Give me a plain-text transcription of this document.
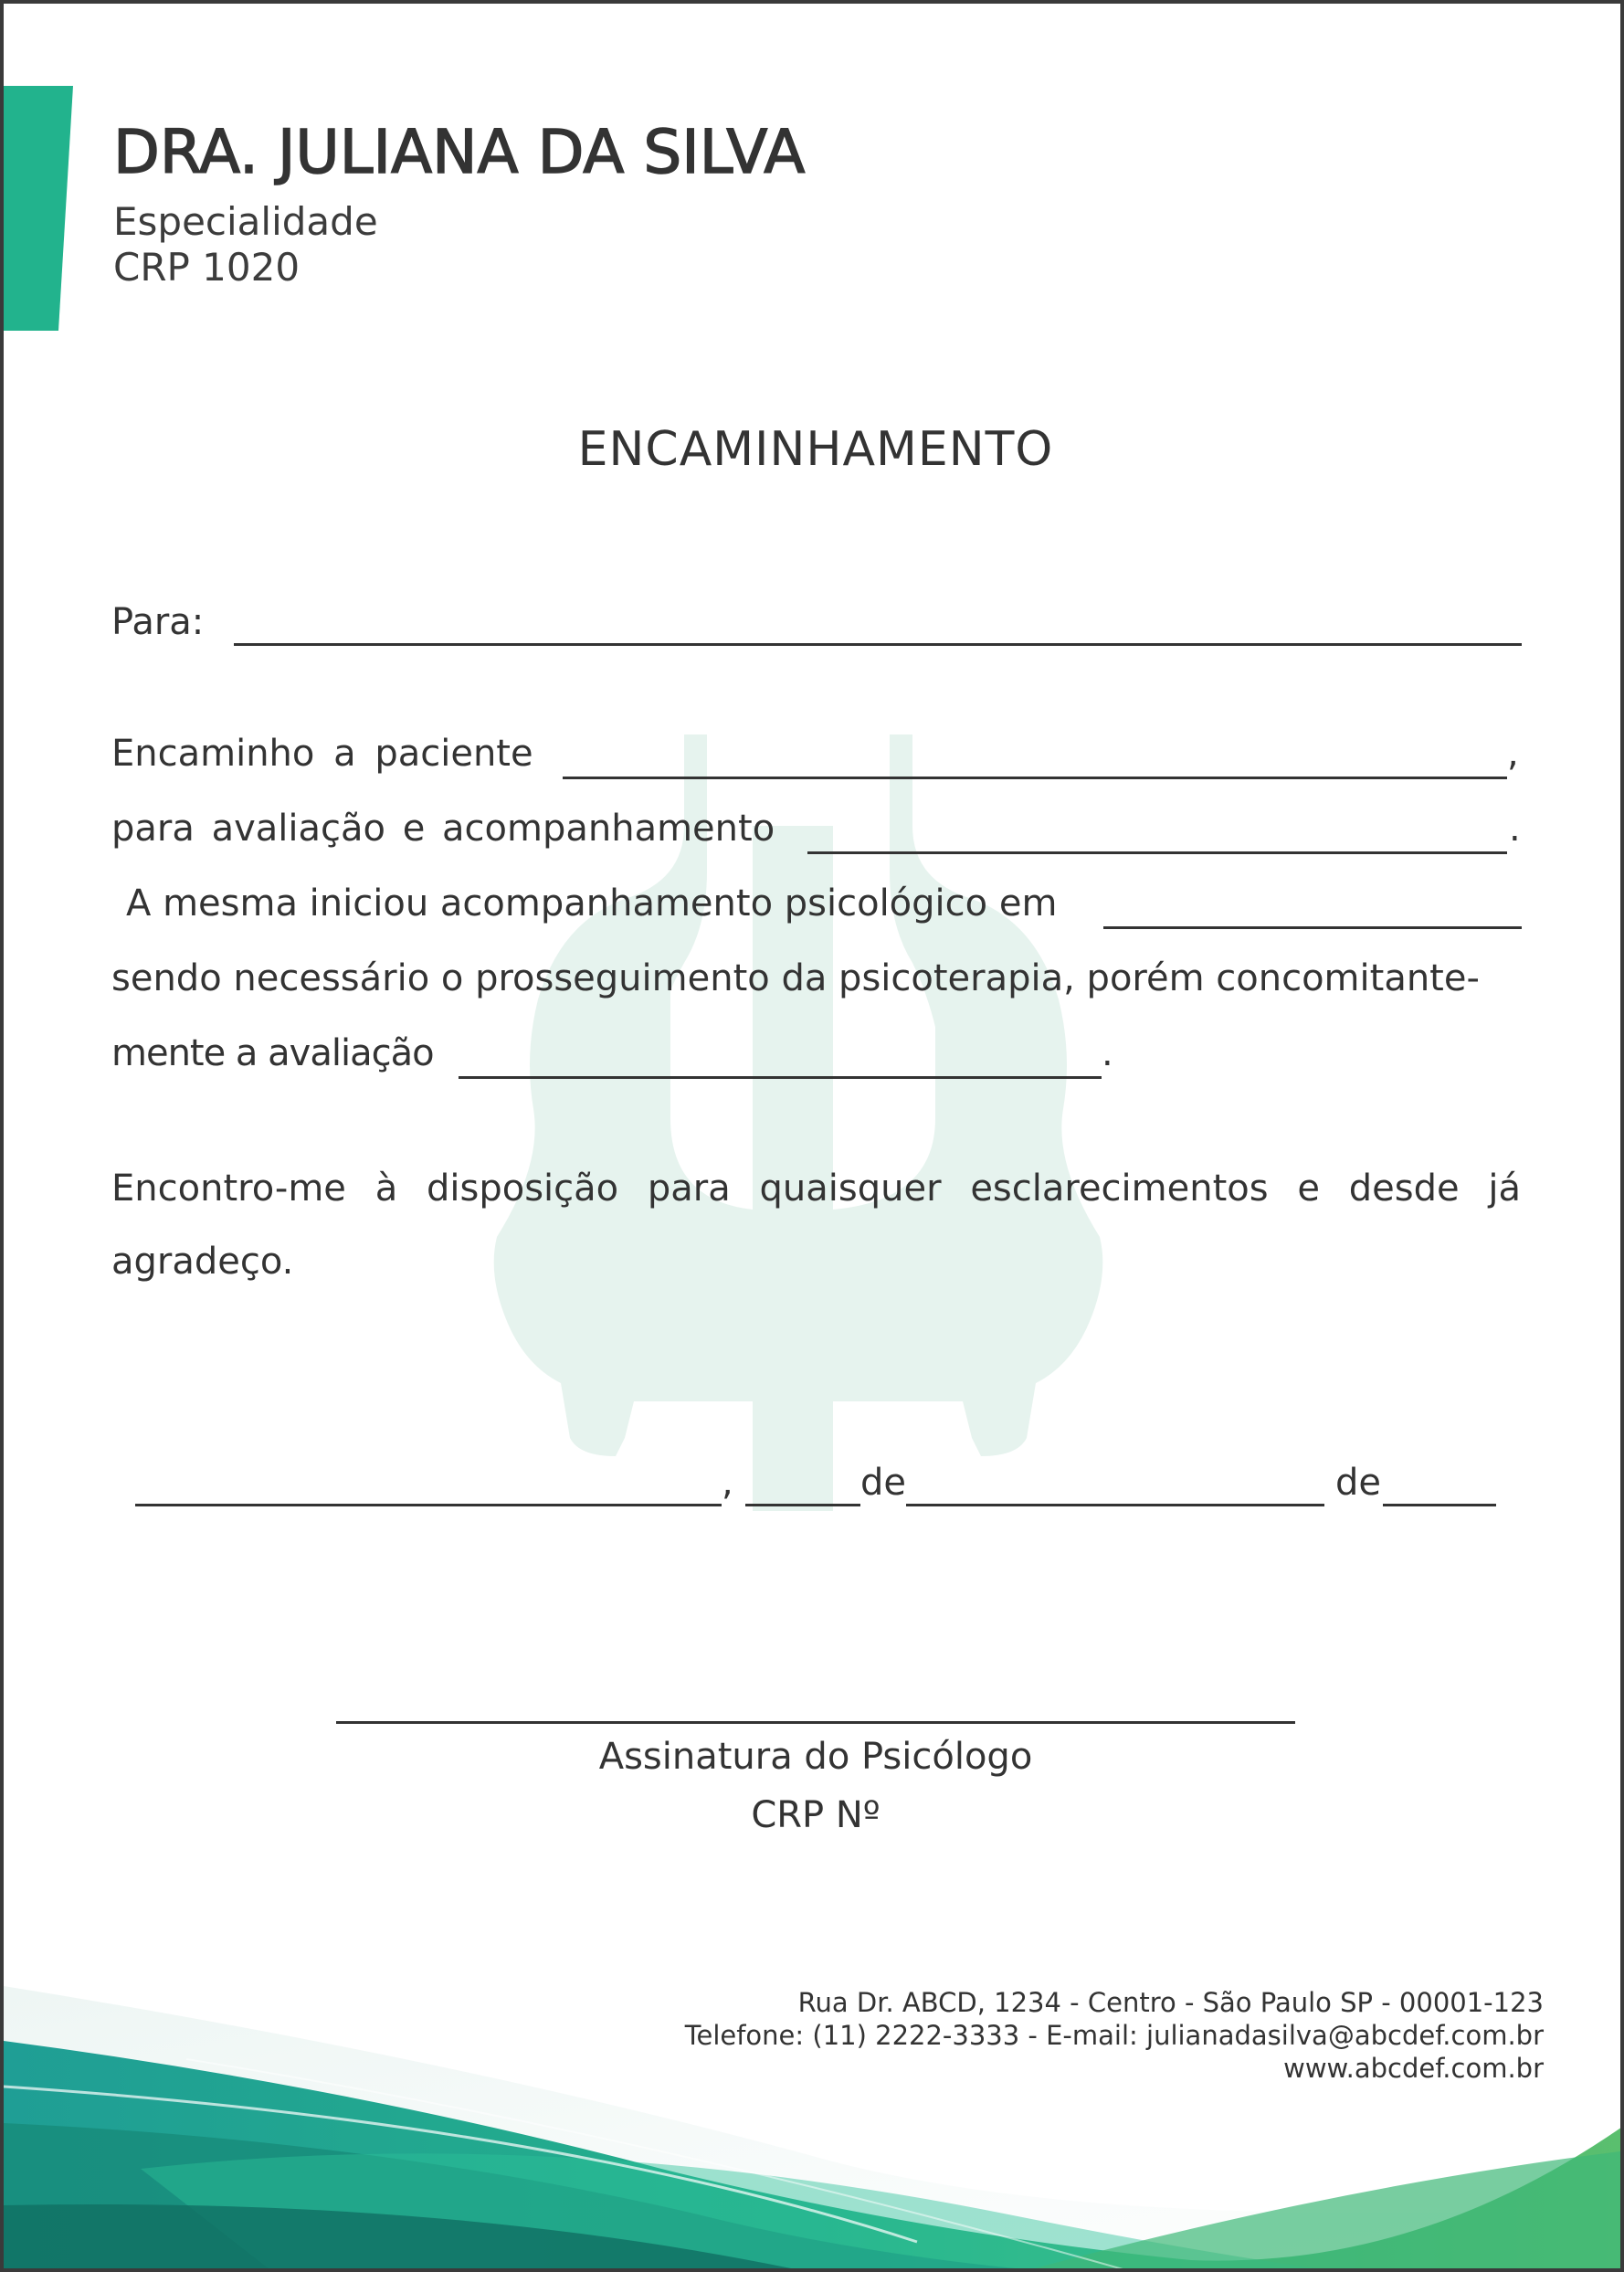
DRA. JULIANA DA SILVA
Especialidade
CRP 1020
ENCAMINHAMENTO
Para:
Encaminho a paciente	,
para avaliação e acompanhamento	.
A mesma iniciou acompanhamento psicológico em
sendo necessário o prosseguimento da psicoterapia, porém concomitante-
mente a avaliação	.
Encontro-me à disposição para quaisquer esclarecimentos e desde já
agradeço.
,	de	de
Assinatura do Psicólogo
CRP Nº
Rua Dr. ABCD, 1234 - Centro - São Paulo SP - 00001-123
Telefone: (11) 2222-3333 - E-mail: julianadasilva@abcdef.com.br
www.abcdef.com.br
